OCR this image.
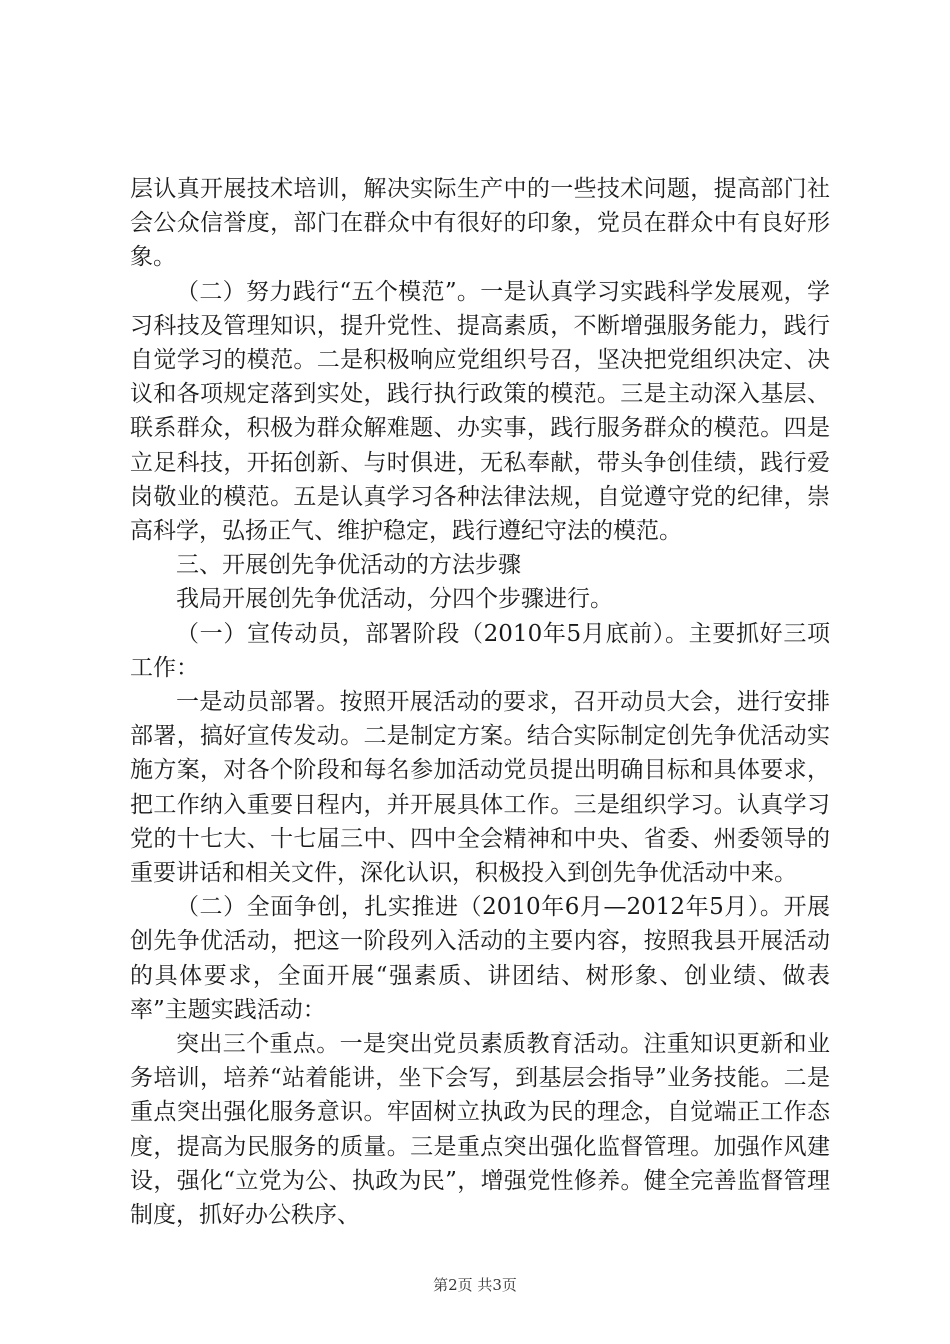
层认真开展技术培训，解决实际生产中的一些技术问题，提高部门社会公众信誉度，部门在群众中有很好的印象，党员在群众中有良好形象。

（二）努力践行“五个模范”。一是认真学习实践科学发展观，学习科技及管理知识，提升党性、提高素质，不断增强服务能力，践行自觉学习的模范。二是积极响应党组织号召，坚决把党组织决定、决议和各项规定落到实处，践行执行政策的模范。三是主动深入基层、联系群众，积极为群众解难题、办实事，践行服务群众的模范。四是立足科技，开拓创新、与时俱进，无私奉献，带头争创佳绩，践行爱岗敬业的模范。五是认真学习各种法律法规，自觉遵守党的纪律，崇高科学，弘扬正气、维护稳定，践行遵纪守法的模范。

三、开展创先争优活动的方法步骤

我局开展创先争优活动，分四个步骤进行。

（一）宣传动员，部署阶段（2010年5月底前）。主要抓好三项工作：

一是动员部署。按照开展活动的要求，召开动员大会，进行安排部署，搞好宣传发动。二是制定方案。结合实际制定创先争优活动实施方案，对各个阶段和每名参加活动党员提出明确目标和具体要求，把工作纳入重要日程内，并开展具体工作。三是组织学习。认真学习党的十七大、十七届三中、四中全会精神和中央、省委、州委领导的重要讲话和相关文件，深化认识，积极投入到创先争优活动中来。

（二）全面争创，扎实推进（2010年6月—2012年5月）。开展创先争优活动，把这一阶段列入活动的主要内容，按照我县开展活动的具体要求，全面开展“强素质、讲团结、树形象、创业绩、做表率”主题实践活动：

突出三个重点。一是突出党员素质教育活动。注重知识更新和业务培训，培养“站着能讲，坐下会写，到基层会指导”业务技能。二是重点突出强化服务意识。牢固树立执政为民的理念，自觉端正工作态度，提高为民服务的质量。三是重点突出强化监督管理。加强作风建设，强化“立党为公、执政为民”，增强党性修养。健全完善监督管理制度，抓好办公秩序、

第2页 共3页
